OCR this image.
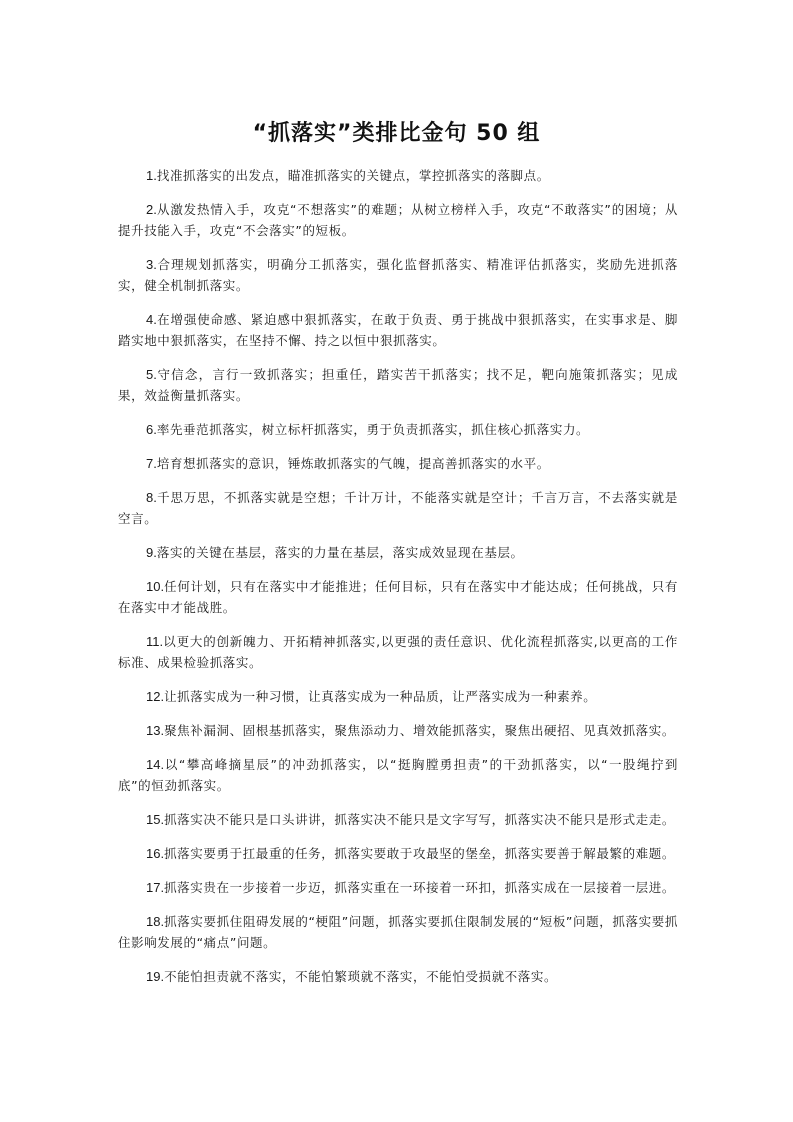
“抓落实”类排比金句 50 组

1.找准抓落实的出发点，瞄准抓落实的关键点，掌控抓落实的落脚点。

2.从激发热情入手，攻克“不想落实”的难题；从树立榜样入手，攻克“不敢落实”的困境；从提升技能入手，攻克“不会落实”的短板。

3.合理规划抓落实，明确分工抓落实，强化监督抓落实、精准评估抓落实，奖励先进抓落实，健全机制抓落实。

4.在增强使命感、紧迫感中狠抓落实，在敢于负责、勇于挑战中狠抓落实，在实事求是、脚踏实地中狠抓落实，在坚持不懈、持之以恒中狠抓落实。

5.守信念，言行一致抓落实；担重任，踏实苦干抓落实；找不足，靶向施策抓落实；见成果，效益衡量抓落实。

6.率先垂范抓落实，树立标杆抓落实，勇于负责抓落实，抓住核心抓落实力。

7.培育想抓落实的意识，锤炼敢抓落实的气魄，提高善抓落实的水平。

8.千思万思，不抓落实就是空想；千计万计，不能落实就是空计；千言万言，不去落实就是空言。

9.落实的关键在基层，落实的力量在基层，落实成效显现在基层。

10.任何计划，只有在落实中才能推进；任何目标，只有在落实中才能达成；任何挑战，只有在落实中才能战胜。

11.以更大的创新魄力、开拓精神抓落实,以更强的责任意识、优化流程抓落实,以更高的工作标准、成果检验抓落实。

12.让抓落实成为一种习惯，让真落实成为一种品质，让严落实成为一种素养。

13.聚焦补漏洞、固根基抓落实，聚焦添动力、增效能抓落实，聚焦出硬招、见真效抓落实。

14.以“攀高峰摘星辰”的冲劲抓落实，以“挺胸膛勇担责”的干劲抓落实，以“一股绳拧到底”的恒劲抓落实。

15.抓落实决不能只是口头讲讲，抓落实决不能只是文字写写，抓落实决不能只是形式走走。

16.抓落实要勇于扛最重的任务，抓落实要敢于攻最坚的堡垒，抓落实要善于解最繁的难题。

17.抓落实贵在一步接着一步迈，抓落实重在一环接着一环扣，抓落实成在一层接着一层进。

18.抓落实要抓住阻碍发展的“梗阻”问题，抓落实要抓住限制发展的“短板”问题，抓落实要抓住影响发展的“痛点”问题。

19.不能怕担责就不落实，不能怕繁琐就不落实，不能怕受损就不落实。
